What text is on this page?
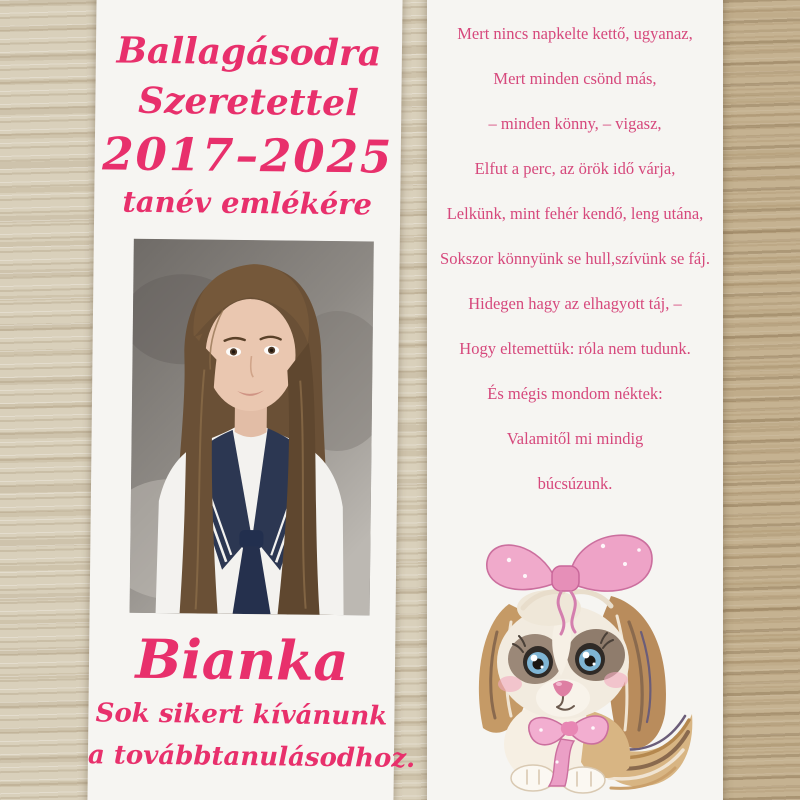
Ballagásodra
Szeretettel
2017–2025
tanév emlékére
Bianka
Sok sikert kívánunk
a továbbtanulásodhoz.
Mert nincs napkelte kettő, ugyanaz,
Mert minden csönd más,
– minden könny, – vigasz,
Elfut a perc, az örök idő várja,
Lelkünk, mint fehér kendő, leng utána,
Sokszor könnyünk se hull,szívünk se fáj.
Hidegen hagy az elhagyott táj, –
Hogy eltemettük: róla nem tudunk.
És mégis mondom néktek:
Valamitől mi mindig
búcsúzunk.
